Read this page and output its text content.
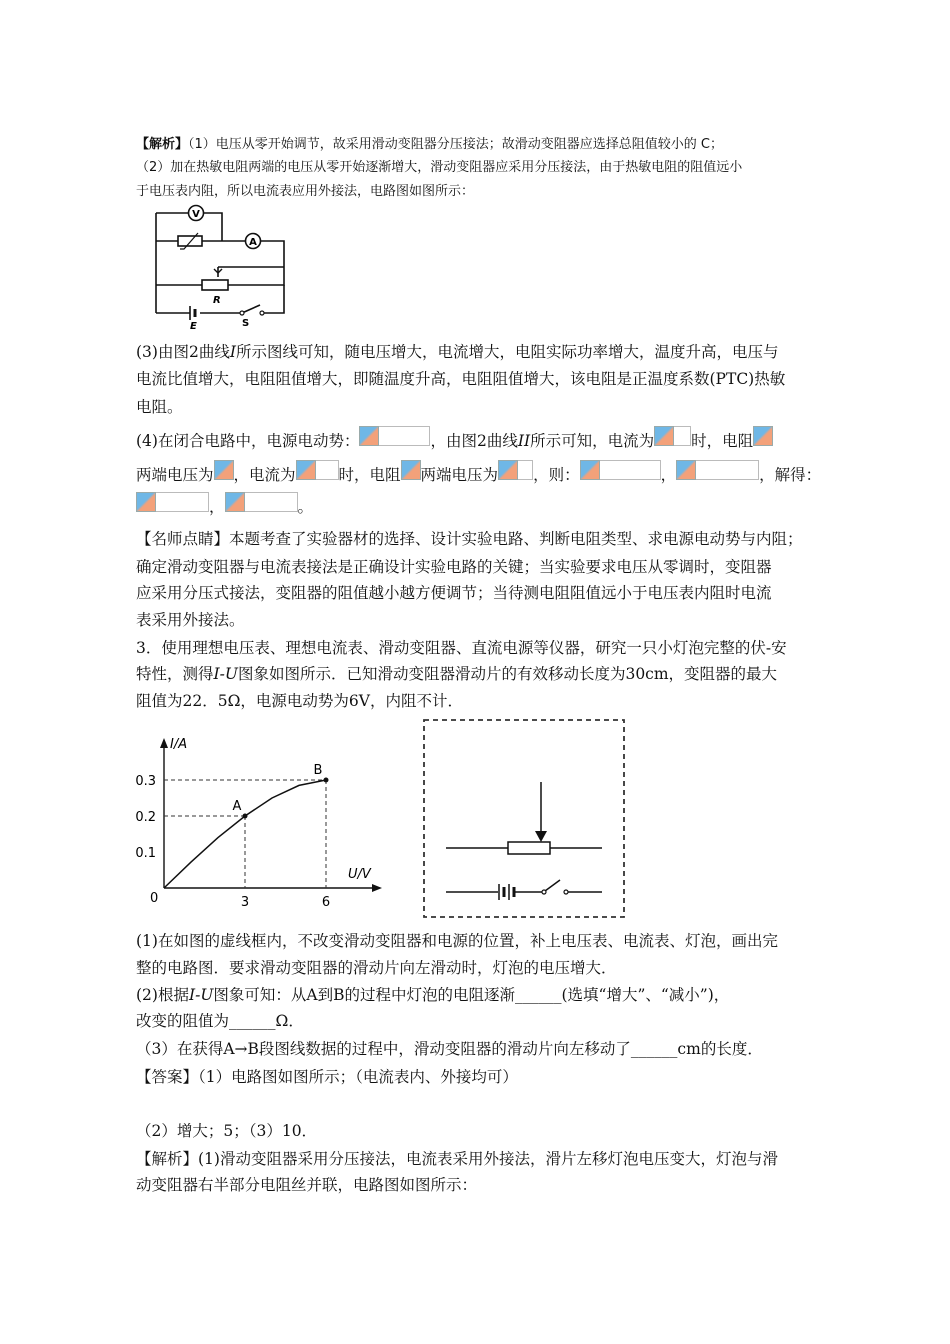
【解析】（1）电压从零开始调节，故采用滑动变阻器分压接法；故滑动变阻器应选择总阻值较小的 C；
（2）加在热敏电阻两端的电压从零开始逐渐增大，滑动变阻器应采用分压接法，由于热敏电阻的阻值远小
于电压表内阻，所以电流表应用外接法，电路图如图所示：
V
A
R
E	S
(3)由图2曲线I所示图线可知，随电压增大，电流增大，电阻实际功率增大，温度升高，电压与
电流比值增大，电阻阻值增大，即随温度升高，电阻阻值增大，该电阻是正温度系数(PTC)热敏
电阻。
(4)在闭合电路中，电源电动势：	，由图2曲线II所示可知，电流为 时，电阻
两端电压为 ，电流为	时，电阻 两端电压为 ，则：	，	，解得：
，	。
【名师点睛】本题考查了实验器材的选择、设计实验电路、判断电阻类型、求电源电动势与内阻；
确定滑动变阻器与电流表接法是正确设计实验电路的关键；当实验要求电压从零调时，变阻器
应采用分压式接法，变阻器的阻值越小越方便调节；当待测电阻阻值远小于电压表内阻时电流
表采用外接法。
3．使用理想电压表、理想电流表、滑动变阻器、直流电源等仪器，研究一只小灯泡完整的伏-安
特性，测得I-U图象如图所示．已知滑动变阻器滑动片的有效移动长度为30cm，变阻器的最大
阻值为22．5Ω，电源电动势为6V，内阻不计．
I/A
U/V
0
0.1
0.2
0.3
3	6
A
B
(1)在如图的虚线框内，不改变滑动变阻器和电源的位置，补上电压表、电流表、灯泡，画出完
整的电路图．要求滑动变阻器的滑动片向左滑动时，灯泡的电压增大．
(2)根据I-U图象可知：从A到B的过程中灯泡的电阻逐渐______(选填“增大”、“减小”)，
改变的阻值为______Ω．
（3）在获得A→B段图线数据的过程中，滑动变阻器的滑动片向左移动了______cm的长度．
【答案】（1）电路图如图所示；（电流表内、外接均可）
（2）增大；5；（3）10．
【解析】(1)滑动变阻器采用分压接法，电流表采用外接法，滑片左移灯泡电压变大，灯泡与滑
动变阻器右半部分电阻丝并联，电路图如图所示：
